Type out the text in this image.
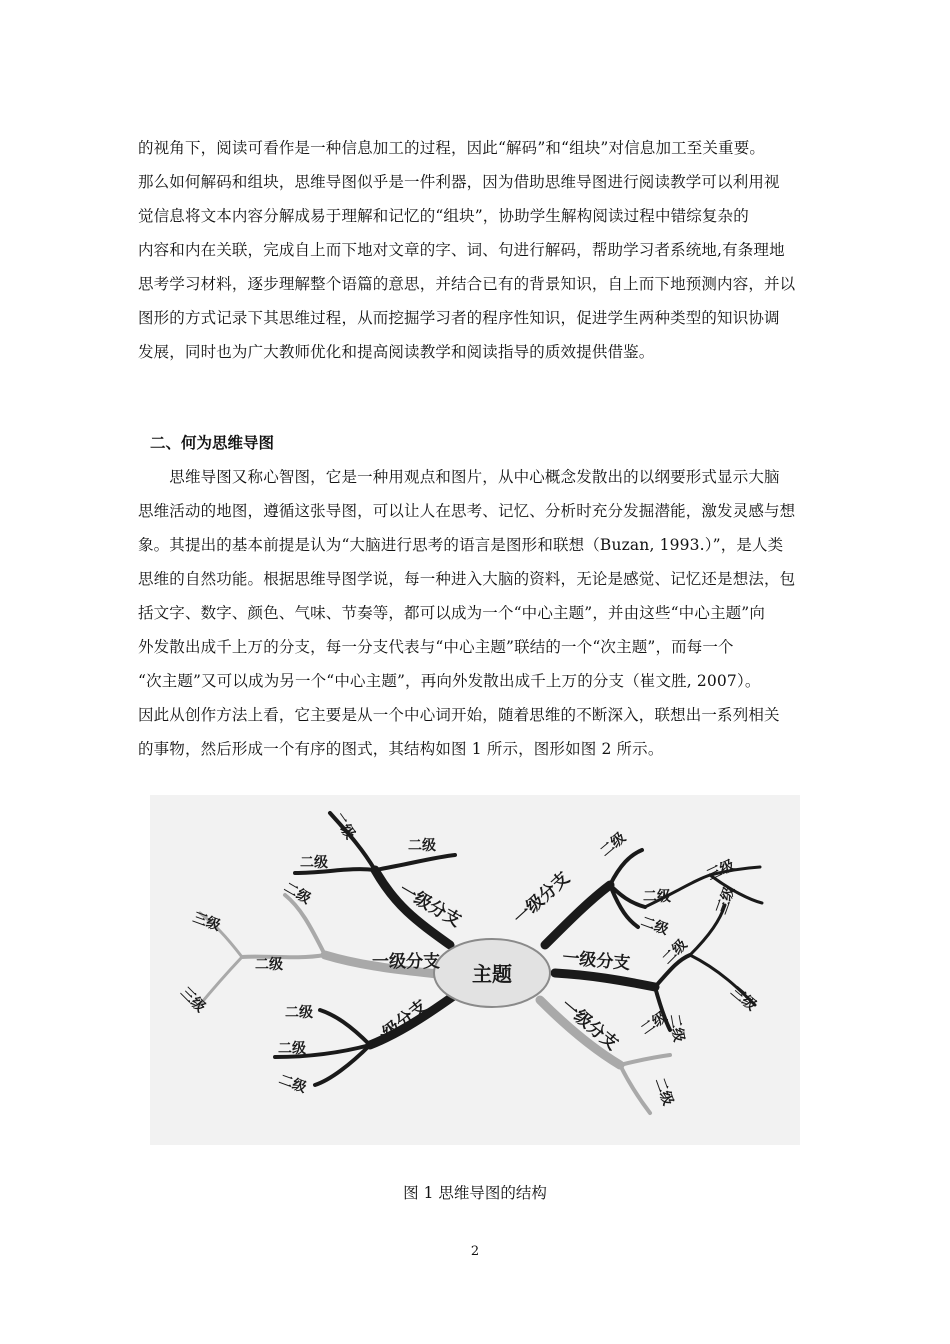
的视角下，阅读可看作是一种信息加工的过程，因此“解码”和“组块”对信息加工至关重要。
那么如何解码和组块，思维导图似乎是一件利器，因为借助思维导图进行阅读教学可以利用视
觉信息将文本内容分解成易于理解和记忆的“组块”，协助学生解构阅读过程中错综复杂的
内容和内在关联，完成自上而下地对文章的字、词、句进行解码，帮助学习者系统地,有条理地
思考学习材料，逐步理解整个语篇的意思，并结合已有的背景知识，自上而下地预测内容，并以
图形的方式记录下其思维过程，从而挖掘学习者的程序性知识，促进学生两种类型的知识协调
发展，同时也为广大教师优化和提高阅读教学和阅读指导的质效提供借鉴。
二、何为思维导图
　　思维导图又称心智图，它是一种用观点和图片，从中心概念发散出的以纲要形式显示大脑
思维活动的地图，遵循这张导图，可以让人在思考、记忆、分析时充分发掘潜能，激发灵感与想
象。其提出的基本前提是认为“大脑进行思考的语言是图形和联想（Buzan, 1993.）”，是人类
思维的自然功能。根据思维导图学说，每一种进入大脑的资料，无论是感觉、记忆还是想法，包
括文字、数字、颜色、气味、节奏等，都可以成为一个“中心主题”，并由这些“中心主题”向
外发散出成千上万的分支，每一分支代表与“中心主题”联结的一个“次主题”，而每一个
“次主题”又可以成为另一个“中心主题”，再向外发散出成千上万的分支（崔文胜, 2007）。
因此从创作方法上看，它主要是从一个中心词开始，随着思维的不断深入，联想出一系列相关
的事物，然后形成一个有序的图式，其结构如图 1 所示，图形如图 2 所示。
主题
一级分支
一级分支
一级分支
一级分支
一级分支
一级分支
二级
二级
二级
二级
二级
二级
二级
二级
二级
二级
二级
二级
二级
二级
二级
三级
三级
三级
三级
三级
图 1 思维导图的结构
2
